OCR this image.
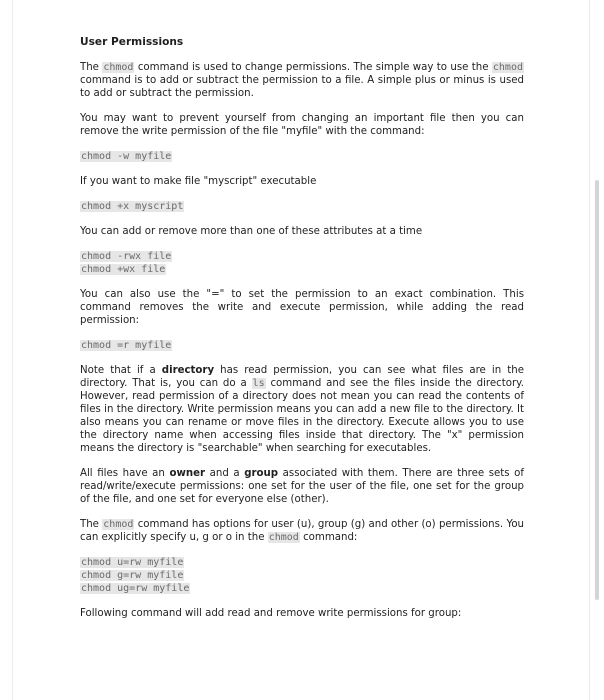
User Permissions

The chmod command is used to change permissions. The simple way to use the chmod command is to add or subtract the permission to a file. A simple plus or minus is used to add or subtract the permission.

You may want to prevent yourself from changing an important file then you can remove the write permission of the file "myfile" with the command:

chmod -w myfile

If you want to make file "myscript" executable

chmod +x myscript

You can add or remove more than one of these attributes at a time

chmod -rwx file
chmod +wx file

You can also use the "=" to set the permission to an exact combination. This command removes the write and execute permission, while adding the read permission:

chmod =r myfile

Note that if a directory has read permission, you can see what files are in the directory. That is, you can do a ls command and see the files inside the directory. However, read permission of a directory does not mean you can read the contents of files in the directory. Write permission means you can add a new file to the directory. It also means you can rename or move files in the directory. Execute allows you to use the directory name when accessing files inside that directory. The "x" permission means the directory is "searchable" when searching for executables.

All files have an owner and a group associated with them. There are three sets of read/write/execute permissions: one set for the user of the file, one set for the group of the file, and one set for everyone else (other).

The chmod command has options for user (u), group (g) and other (o) permissions. You can explicitly specify u, g or o in the chmod command:

chmod u=rw myfile
chmod g=rw myfile
chmod ug=rw myfile

Following command will add read and remove write permissions for group:
